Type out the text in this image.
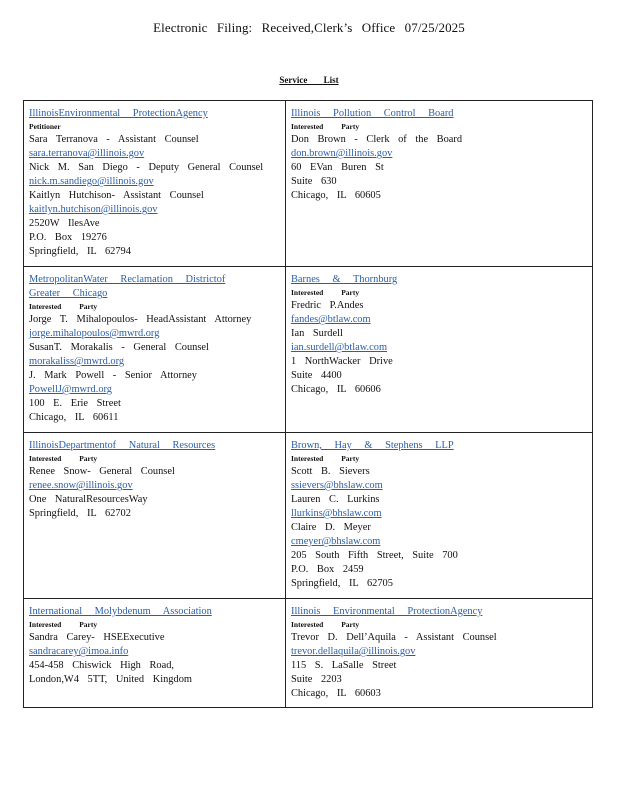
Electronic Filing: Received,Clerk’s Office 07/25/2025
Service List
IllinoisEnvironmental ProtectionAgency
Petitioner
Sara Terranova - Assistant Counsel
sara.terranova@illinois.gov
Nick M. San Diego - Deputy General Counsel
nick.m.sandiego@illinois.gov
Kaitlyn Hutchison- Assistant Counsel
kaitlyn.hutchison@illinois.gov
2520W IlesAve
P.O. Box 19276
Springfield, IL 62794
Illinois Pollution Control Board
Interested Party
Don Brown - Clerk of the Board
don.brown@illinois.gov
60 EVan Buren St
Suite 630
Chicago, IL 60605
MetropolitanWater Reclamation Districtof
Greater Chicago
Interested Party
Jorge T. Mihalopoulos- HeadAssistant Attorney
jorge.mihalopoulos@mwrd.org
SusanT. Morakalis - General Counsel
morakaliss@mwrd.org
J. Mark Powell - Senior Attorney
PowellJ@mwrd.org
100 E. Erie Street
Chicago, IL 60611
Barnes & Thornburg
Interested Party
Fredric P.Andes
fandes@btlaw.com
Ian Surdell
ian.surdell@btlaw.com
1 NorthWacker Drive
Suite 4400
Chicago, IL 60606
IllinoisDepartmentof Natural Resources
Interested Party
Renee Snow- General Counsel
renee.snow@illinois.gov
One NaturalResourcesWay
Springfield, IL 62702
Brown, Hay & Stephens LLP
Interested Party
Scott B. Sievers
ssievers@bhslaw.com
Lauren C. Lurkins
llurkins@bhslaw.com
Claire D. Meyer
cmeyer@bhslaw.com
205 South Fifth Street, Suite 700
P.O. Box 2459
Springfield, IL 62705
International Molybdenum Association
Interested Party
Sandra Carey- HSEExecutive
sandracarey@imoa.info
454-458 Chiswick High Road,
London,W4 5TT, United Kingdom
Illinois Environmental ProtectionAgency
Interested Party
Trevor D. Dell’Aquila - Assistant Counsel
trevor.dellaquila@illinois.gov
115 S. LaSalle Street
Suite 2203
Chicago, IL 60603
